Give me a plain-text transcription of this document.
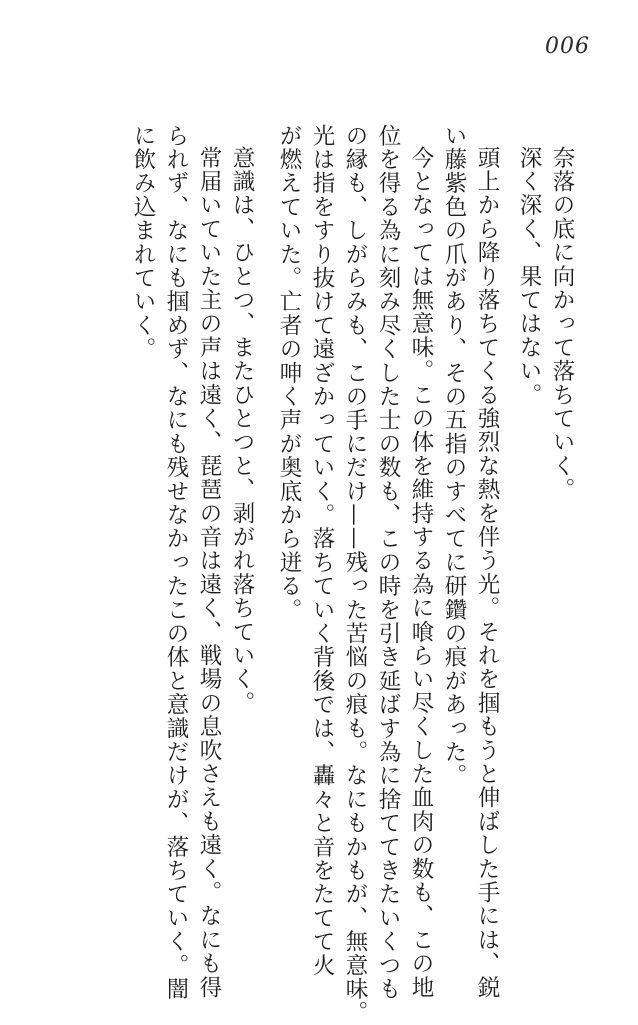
006
奈落の底に向かって落ちていく。
深く深く、果てはない。
頭上から降り落ちてくる強烈な熱を伴う光。それを掴もうと伸ばした手には、鋭
い藤紫色の爪があり、その五指のすべてに研鑽の痕があった。
今となっては無意味。この体を維持する為に喰らい尽くした血肉の数も、この地
位を得る為に刻み尽くした士の数も、この時を引き延ばす為に捨ててきたいくつも
の縁も、しがらみも、この手にだけ——残った苦悩の痕も。なにもかもが、無意味。
光は指をすり抜けて遠ざかっていく。落ちていく背後では、轟々と音をたてて火
が燃えていた。亡者の呻く声が奥底から迸る。
意識は、ひとつ、またひとつと、剥がれ落ちていく。
常届いていた主の声は遠く、琵琶の音は遠く、戦場の息吹さえも遠く。なにも得
られず、なにも掴めず、なにも残せなかったこの体と意識だけが、落ちていく。闇
に飲み込まれていく。
